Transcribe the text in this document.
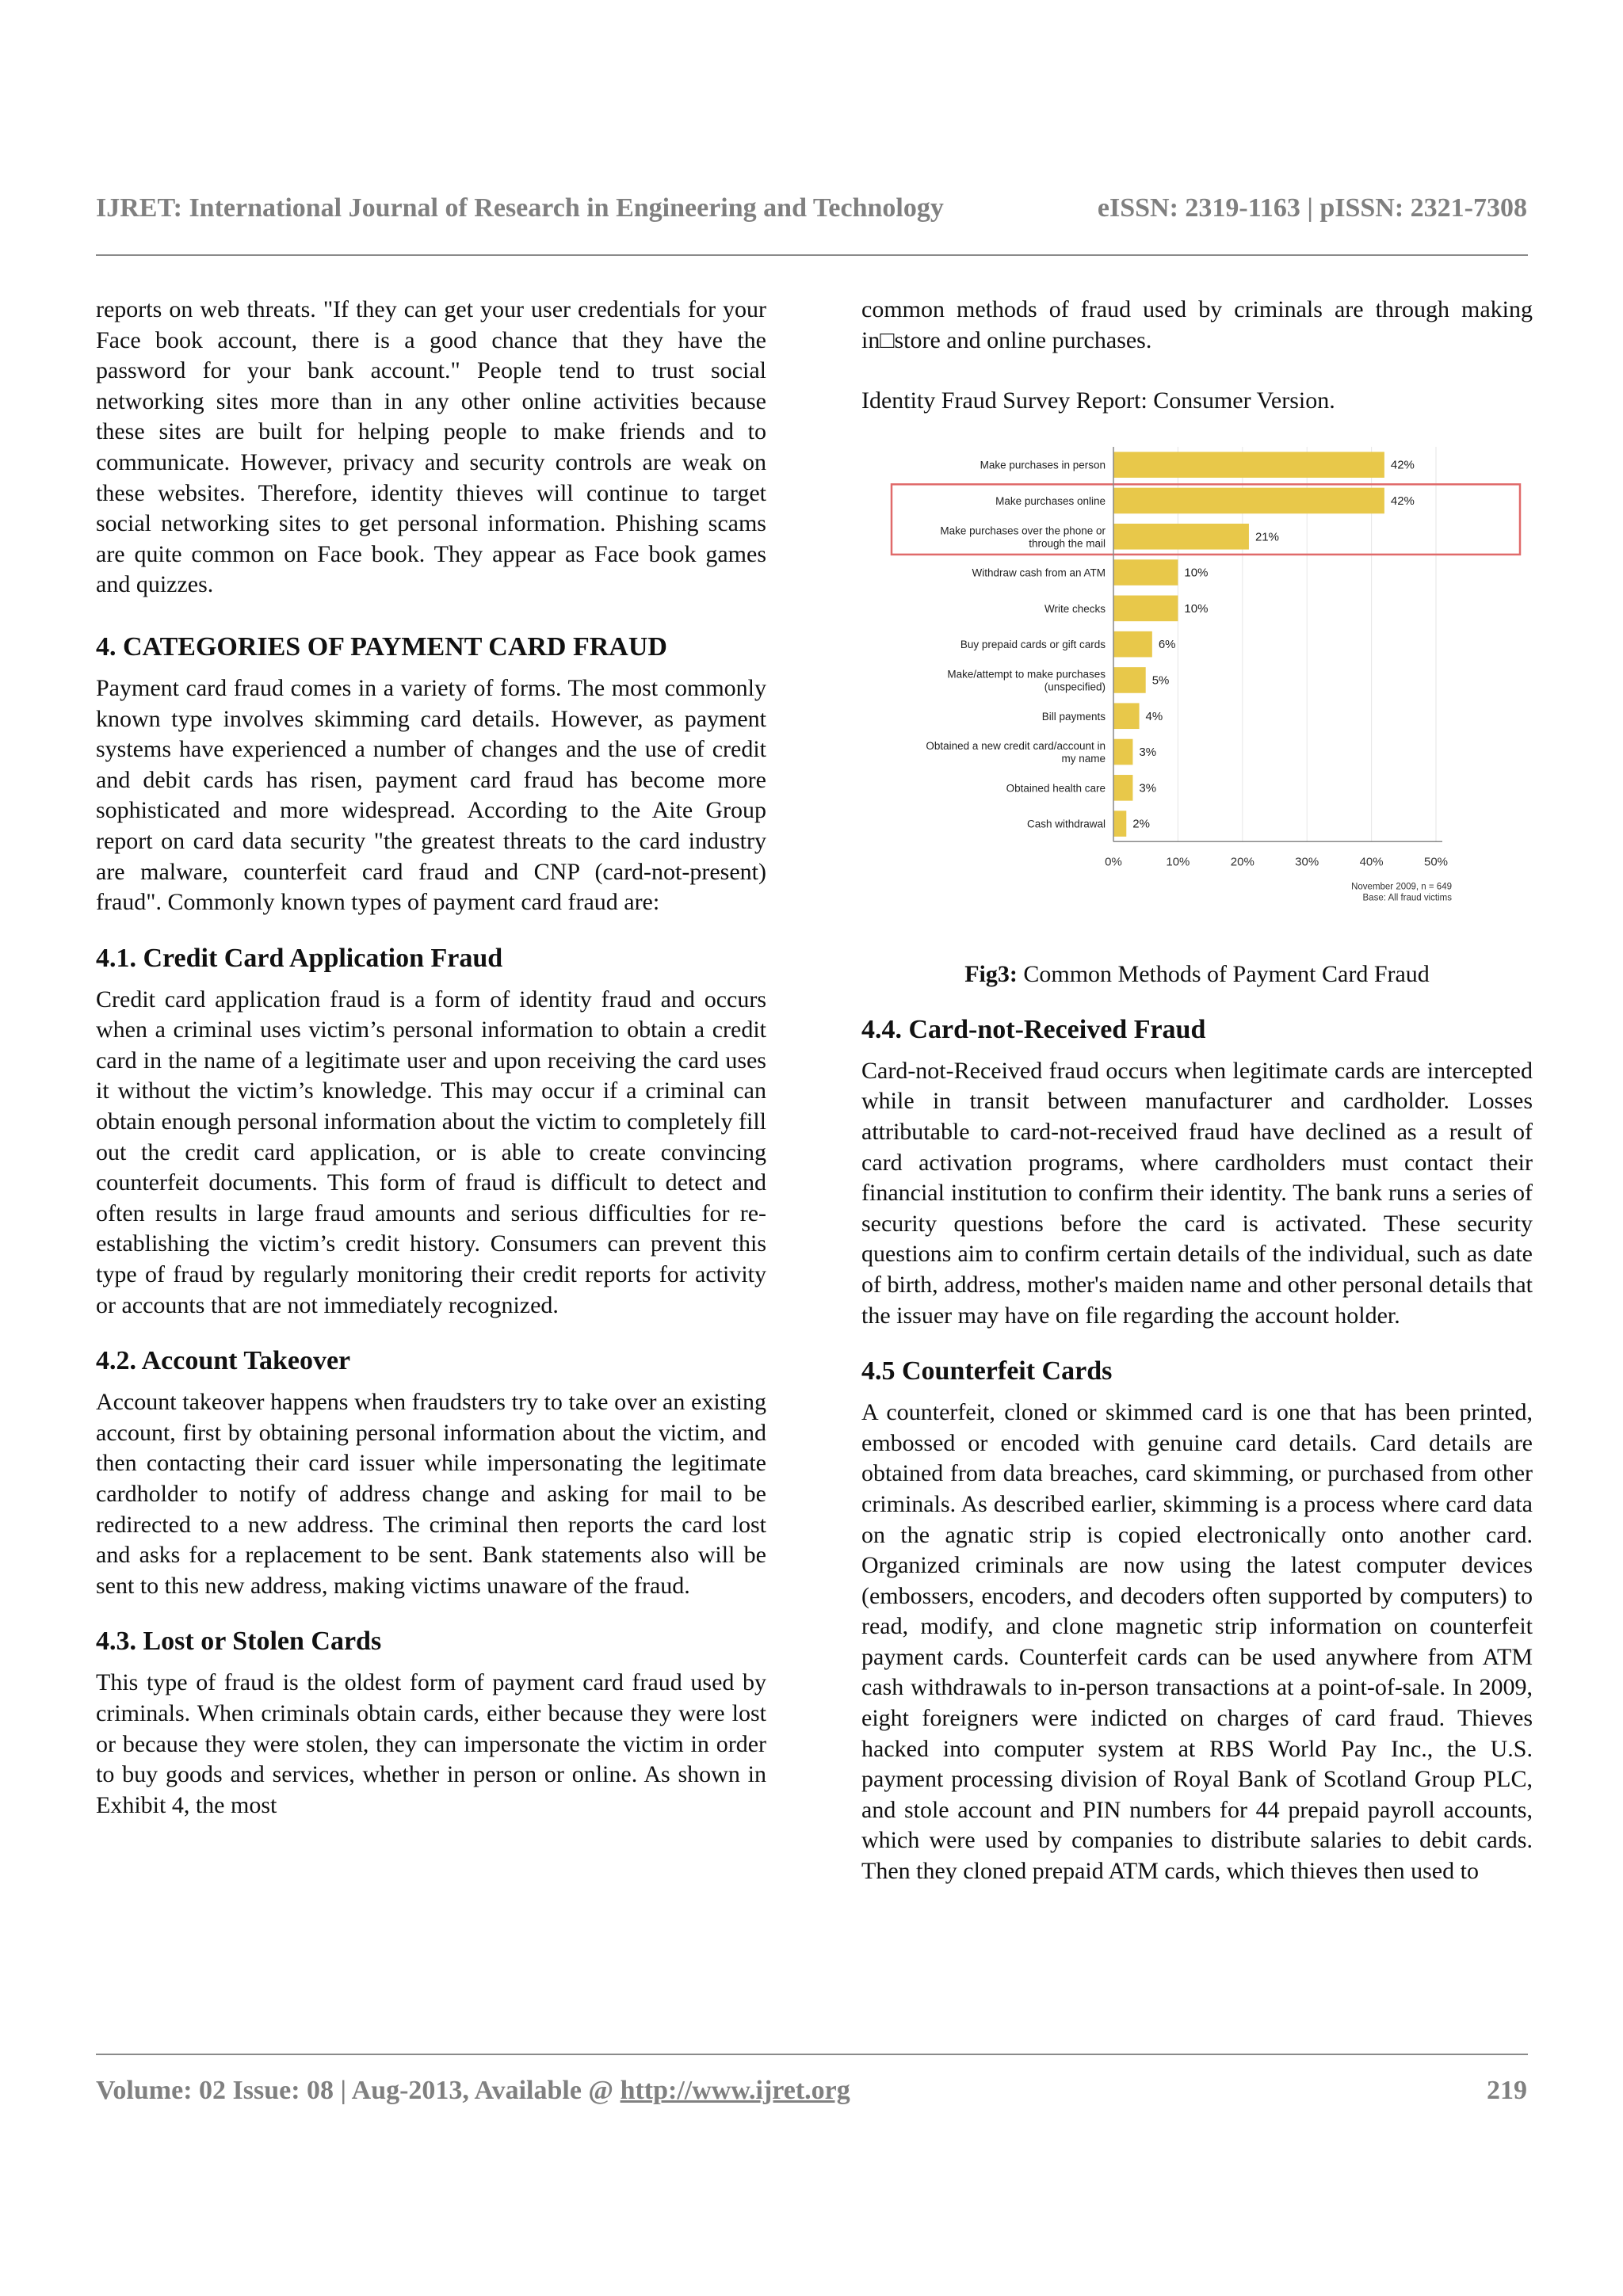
IJRET: International Journal of Research in Engineering and Technology	eISSN: 2319-1163 | pISSN: 2321-7308

reports on web threats. "If they can get your user credentials for your Face book account, there is a good chance that they have the password for your bank account." People tend to trust social networking sites more than in any other online activities because these sites are built for helping people to make friends and to communicate. However, privacy and security controls are weak on these websites. Therefore, identity thieves will continue to target social networking sites to get personal information. Phishing scams are quite common on Face book. They appear as Face book games and quizzes.

4. CATEGORIES OF PAYMENT CARD FRAUD

Payment card fraud comes in a variety of forms. The most commonly known type involves skimming card details. However, as payment systems have experienced a number of changes and the use of credit and debit cards has risen, payment card fraud has become more sophisticated and more widespread. According to the Aite Group report on card data security "the greatest threats to the card industry are malware, counterfeit card fraud and CNP (card-not-present) fraud". Commonly known types of payment card fraud are:

4.1. Credit Card Application Fraud

Credit card application fraud is a form of identity fraud and occurs when a criminal uses victim’s personal information to obtain a credit card in the name of a legitimate user and upon receiving the card uses it without the victim’s knowledge. This may occur if a criminal can obtain enough personal information about the victim to completely fill out the credit card application, or is able to create convincing counterfeit documents. This form of fraud is difficult to detect and often results in large fraud amounts and serious difficulties for re-establishing the victim’s credit history. Consumers can prevent this type of fraud by regularly monitoring their credit reports for activity or accounts that are not immediately recognized.

4.2. Account Takeover

Account takeover happens when fraudsters try to take over an existing account, first by obtaining personal information about the victim, and then contacting their card issuer while impersonating the legitimate cardholder to notify of address change and asking for mail to be redirected to a new address. The criminal then reports the card lost and asks for a replacement to be sent. Bank statements also will be sent to this new address, making victims unaware of the fraud.

4.3. Lost or Stolen Cards

This type of fraud is the oldest form of payment card fraud used by criminals. When criminals obtain cards, either because they were lost or because they were stolen, they can impersonate the victim in order to buy goods and services, whether in person or online. As shown in Exhibit 4, the most

common methods of fraud used by criminals are through making in□store and online purchases.

Identity Fraud Survey Report: Consumer Version.

0%	10%	20%	30%	40%	50%
42%
Make purchases in person
42%
Make purchases online
21%
Make purchases over the phone or through the mail
10%
Withdraw cash from an ATM
10%
Write checks
6%
Buy prepaid cards or gift cards
5%
Make/attempt to make purchases (unspecified)
4%
Bill payments
3%
Obtained a new credit card/account in my name
3%
Obtained health care
2%
Cash withdrawal
November 2009, n = 649
Base: All fraud victims
Fig3: Common Methods of Payment Card Fraud
4.4. Card-not-Received Fraud

Card-not-Received fraud occurs when legitimate cards are intercepted while in transit between manufacturer and cardholder. Losses attributable to card-not-received fraud have declined as a result of card activation programs, where cardholders must contact their financial institution to confirm their identity. The bank runs a series of security questions before the card is activated. These security questions aim to confirm certain details of the individual, such as date of birth, address, mother's maiden name and other personal details that the issuer may have on file regarding the account holder.

4.5 Counterfeit Cards

A counterfeit, cloned or skimmed card is one that has been printed, embossed or encoded with genuine card details. Card details are obtained from data breaches, card skimming, or purchased from other criminals. As described earlier, skimming is a process where card data on the agnatic strip is copied electronically onto another card. Organized criminals are now using the latest computer devices (embossers, encoders, and decoders often supported by computers) to read, modify, and clone magnetic strip information on counterfeit payment cards. Counterfeit cards can be used anywhere from ATM cash withdrawals to in-person transactions at a point-of-sale. In 2009, eight foreigners were indicted on charges of card fraud. Thieves hacked into computer system at RBS World Pay Inc., the U.S. payment processing division of Royal Bank of Scotland Group PLC, and stole account and PIN numbers for 44 prepaid payroll accounts, which were used by companies to distribute salaries to debit cards. Then they cloned prepaid ATM cards, which thieves then used to

Volume: 02 Issue: 08 | Aug-2013, Available @ http://www.ijret.org	219
